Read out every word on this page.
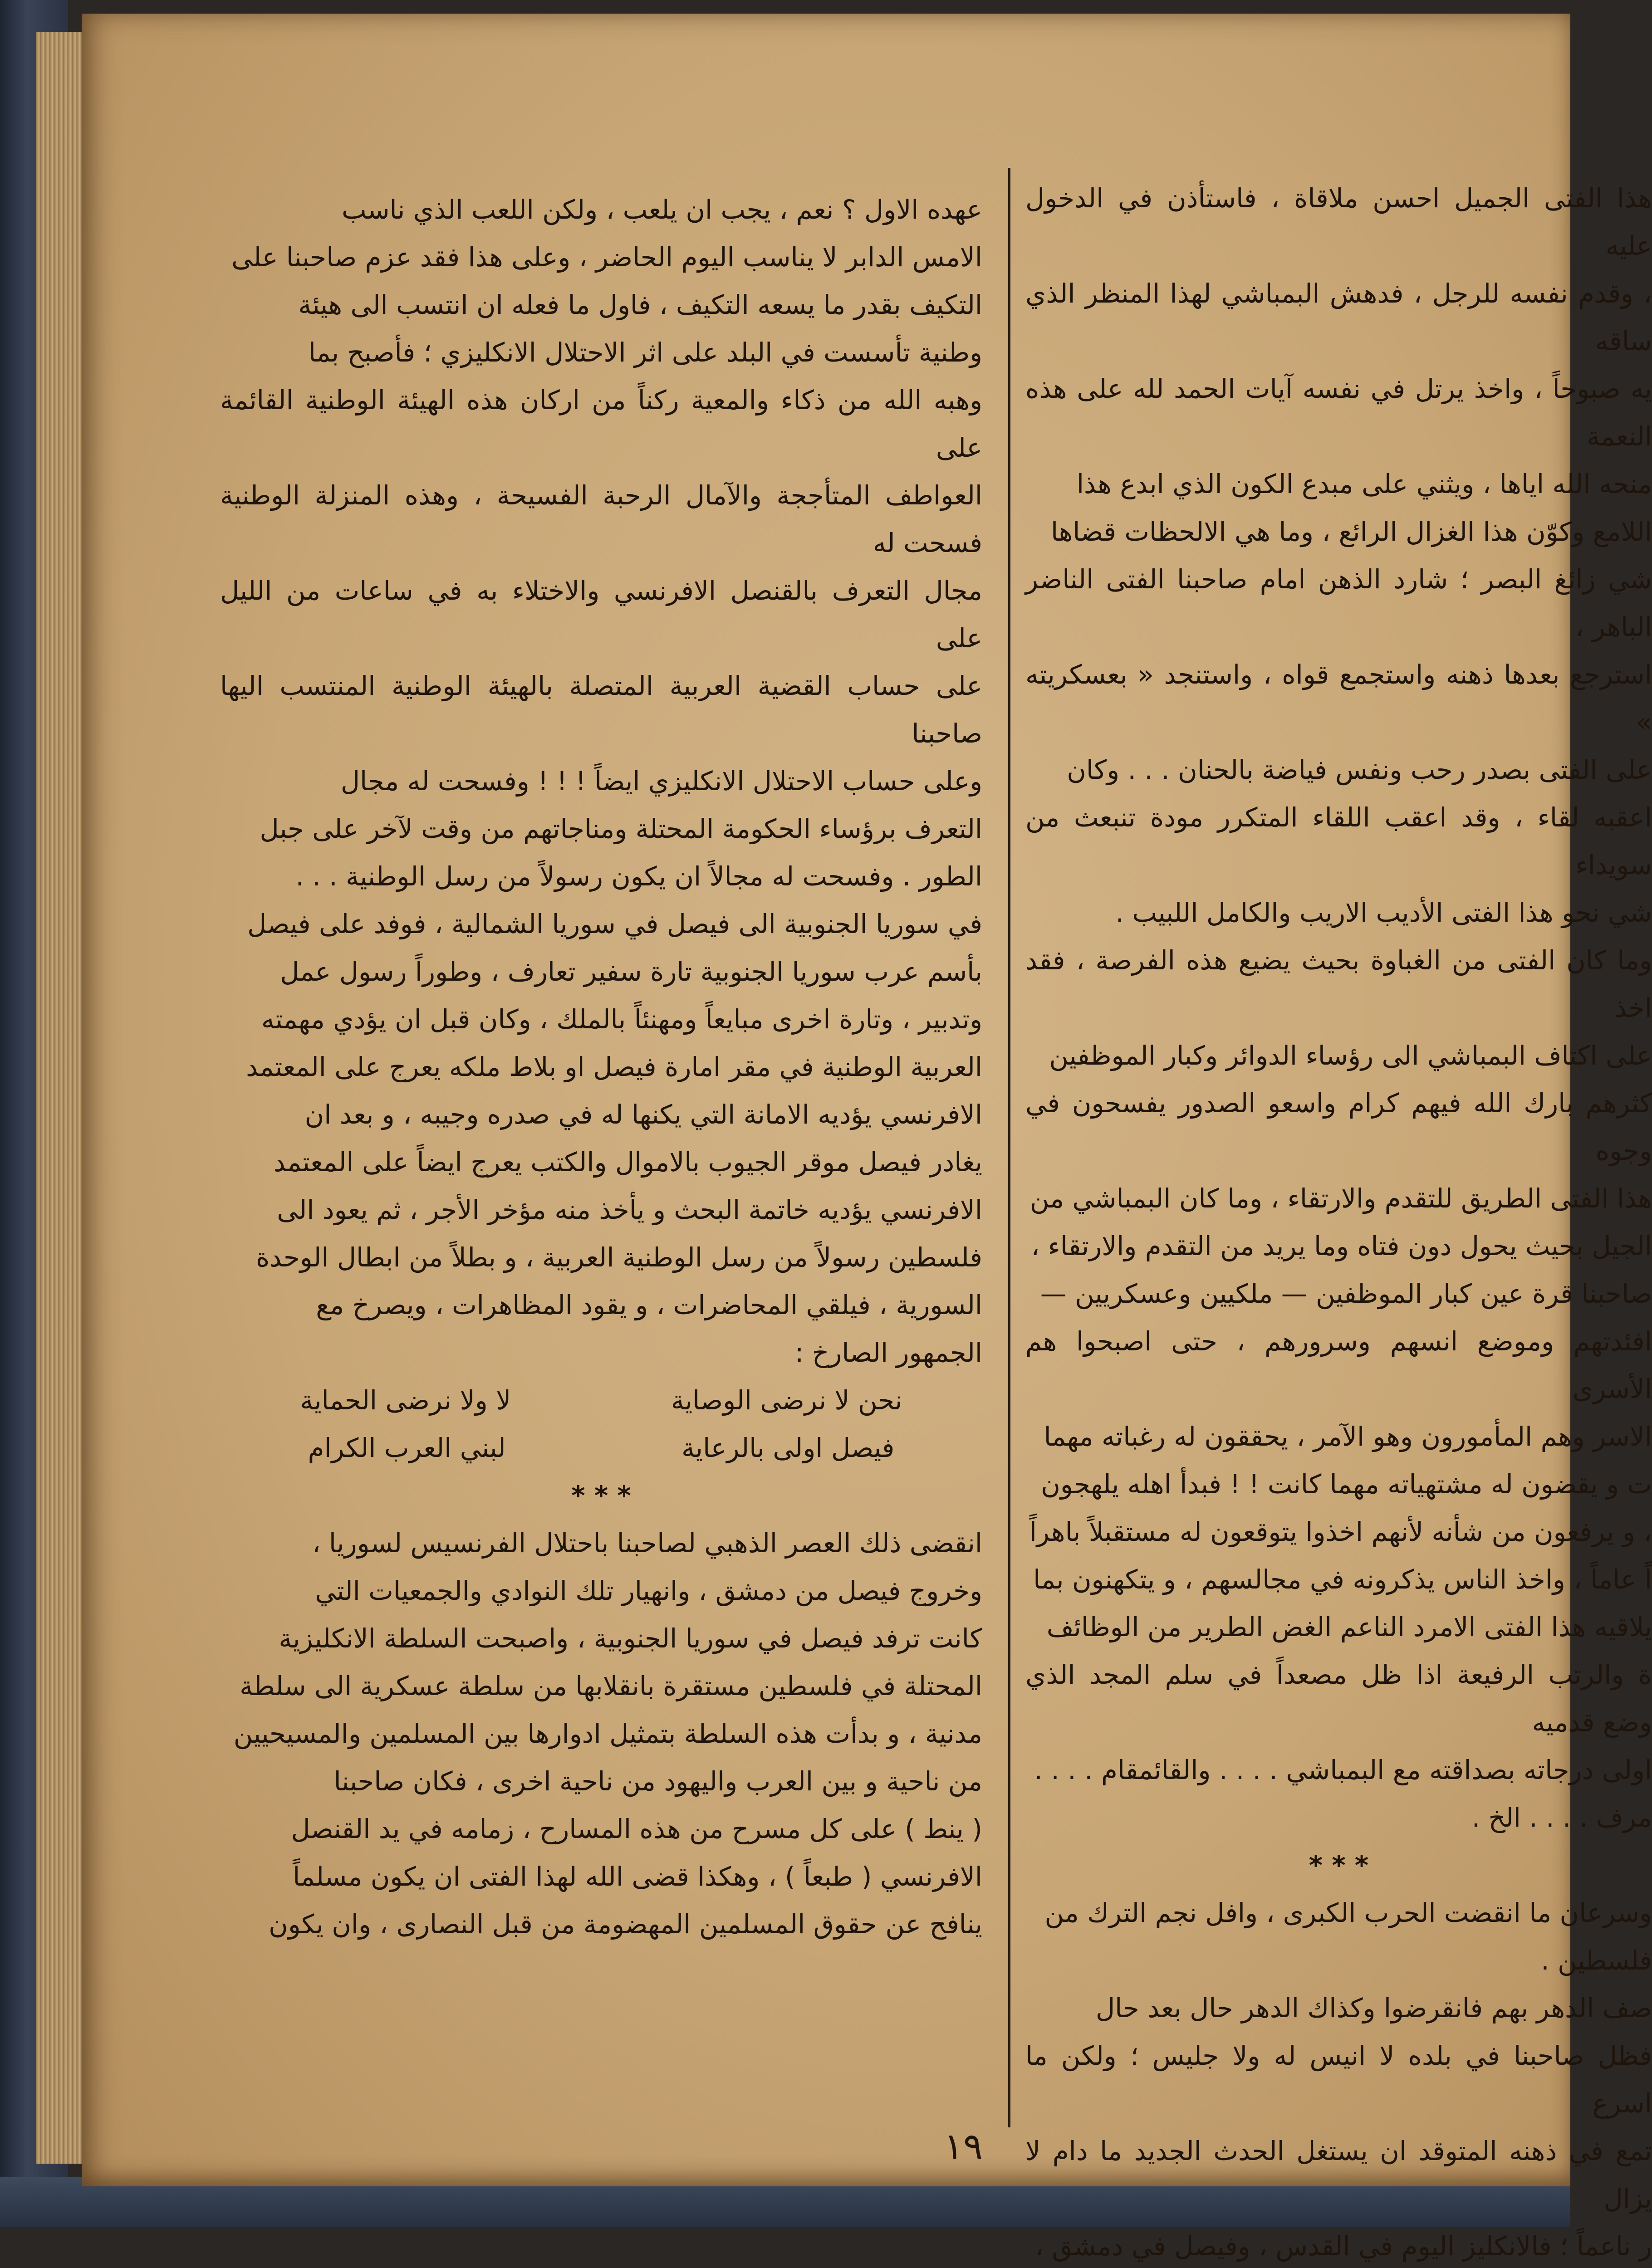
عهده الاول ؟ نعم ، يجب ان يلعب ، ولكن اللعب الذي ناسب

الامس الدابر لا يناسب اليوم الحاضر ، وعلى هذا فقد عزم صاحبنا على

التكيف بقدر ما يسعه التكيف ، فاول ما فعله ان انتسب الى هيئة

وطنية تأسست في البلد على اثر الاحتلال الانكليزي ؛ فأصبح بما

وهبه الله من ذكاء والمعية ركناً من اركان هذه الهيئة الوطنية القائمة على

العواطف المتأججة والآمال الرحبة الفسيحة ، وهذه المنزلة الوطنية فسحت له

مجال التعرف بالقنصل الافرنسي والاختلاء به في ساعات من الليل على

على حساب القضية العربية المتصلة بالهيئة الوطنية المنتسب اليها صاحبنا

وعلى حساب الاحتلال الانكليزي ايضاً ! ! ! وفسحت له مجال

التعرف برؤساء الحكومة المحتلة ومناجاتهم من وقت لآخر على جبل

الطور . وفسحت له مجالاً ان يكون رسولاً من رسل الوطنية . . .

في سوريا الجنوبية الى فيصل في سوريا الشمالية ، فوفد على فيصل

بأسم عرب سوريا الجنوبية تارة سفير تعارف ، وطوراً رسول عمل

وتدبير ، وتارة اخرى مبايعاً ومهنئاً بالملك ، وكان قبل ان يؤدي مهمته

العربية الوطنية في مقر امارة فيصل او بلاط ملكه يعرج على المعتمد

الافرنسي يؤديه الامانة التي يكنها له في صدره وجيبه ، و بعد ان

يغادر فيصل موقر الجيوب بالاموال والكتب يعرج ايضاً على المعتمد

الافرنسي يؤديه خاتمة البحث و يأخذ منه مؤخر الأجر ، ثم يعود الى

فلسطين رسولاً من رسل الوطنية العربية ، و بطلاً من ابطال الوحدة

السورية ، فيلقي المحاضرات ، و يقود المظاهرات ، ويصرخ مع

الجمهور الصارخ :

نحن لا نرضى الوصاية
لا ولا نرضى الحماية
فيصل اولى بالرعاية
لبني العرب الكرام

* * *

انقضى ذلك العصر الذهبي لصاحبنا باحتلال الفرنسيس لسوريا ،

وخروج فيصل من دمشق ، وانهيار تلك النوادي والجمعيات التي

كانت ترفد فيصل في سوريا الجنوبية ، واصبحت السلطة الانكليزية

المحتلة في فلسطين مستقرة بانقلابها من سلطة عسكرية الى سلطة

مدنية ، و بدأت هذه السلطة بتمثيل ادوارها بين المسلمين والمسيحيين

من ناحية و بين العرب واليهود من ناحية اخرى ، فكان صاحبنا

( ينط ) على كل مسرح من هذه المسارح ، زمامه في يد القنصل

الافرنسي ( طبعاً ) ، وهكذا قضى الله لهذا الفتى ان يكون مسلماً

ينافح عن حقوق المسلمين المهضومة من قبل النصارى ، وان يكون

هذا الفتى الجميل احسن ملاقاة ، فاستأذن في الدخول عليه

، وقدم نفسه للرجل ، فدهش البمباشي لهذا المنظر الذي ساقه

يه صبوحاً ، واخذ يرتل في نفسه آيات الحمد لله على هذه النعمة

منحه الله اياها ، ويثني على مبدع الكون الذي ابدع هذا

اللامع وكوّن هذا الغزال الرائع ، وما هي الالحظات قضاها

شي زائغ البصر ؛ شارد الذهن امام صاحبنا الفتى الناضر الباهر ،

استرجع بعدها ذهنه واستجمع قواه ، واستنجد « بعسكريته »

على الفتى بصدر رحب ونفس فياضة بالحنان . . . وكان

اعقبه لقاء ، وقد اعقب اللقاء المتكرر مودة تنبعث من سويداء

شي نحو هذا الفتى الأديب الاريب والكامل اللبيب .

وما كان الفتى من الغباوة بحيث يضيع هذه الفرصة ، فقد اخذ

على اكتاف البمباشي الى رؤساء الدوائر وكبار الموظفين

كثرهم بارك الله فيهم كرام واسعو الصدور يفسحون في وجوه

هذا الفتى الطريق للتقدم والارتقاء ، وما كان البمباشي من

الجيل بحيث يحول دون فتاه وما يريد من التقدم والارتقاء ،

صاحبنا قرة عين كبار الموظفين — ملكيين وعسكريين —

افئدتهم وموضع انسهم وسرورهم ، حتى اصبحوا هم الأسرى

الاسر وهم المأمورون وهو الآمر ، يحققون له رغباته مهما

ت و يقضون له مشتهياته مهما كانت ! ! فبدأ اهله يلهجون

، و يرفعون من شأنه لأنهم اخذوا يتوقعون له مستقبلاً باهراً

اً عاماً ، واخذ الناس يذكرونه في مجالسهم ، و يتكهنون بما

يلاقيه هذا الفتى الامرد الناعم الغض الطرير من الوظائف

ة والرتب الرفيعة اذا ظل مصعداً في سلم المجد الذي وضع قدميه

اولى درجاته بصداقته مع البمباشي . . . . والقائمقام . . . .

مرف . . . . الخ .

* * *

وسرعان ما انقضت الحرب الكبرى ، وافل نجم الترك من

فلسطين .

صف الدهر بهم فانقرضوا وكذاك الدهر حال بعد حال

فظل صاحبنا في بلده لا انيس له ولا جليس ؛ ولكن ما اسرع

تمع في ذهنه المتوقد ان يستغل الحدث الجديد ما دام لا يزال

ر ناعماً ؛ فالانكليز اليوم في القدس ، وفيصل في دمشق ،

١٩
